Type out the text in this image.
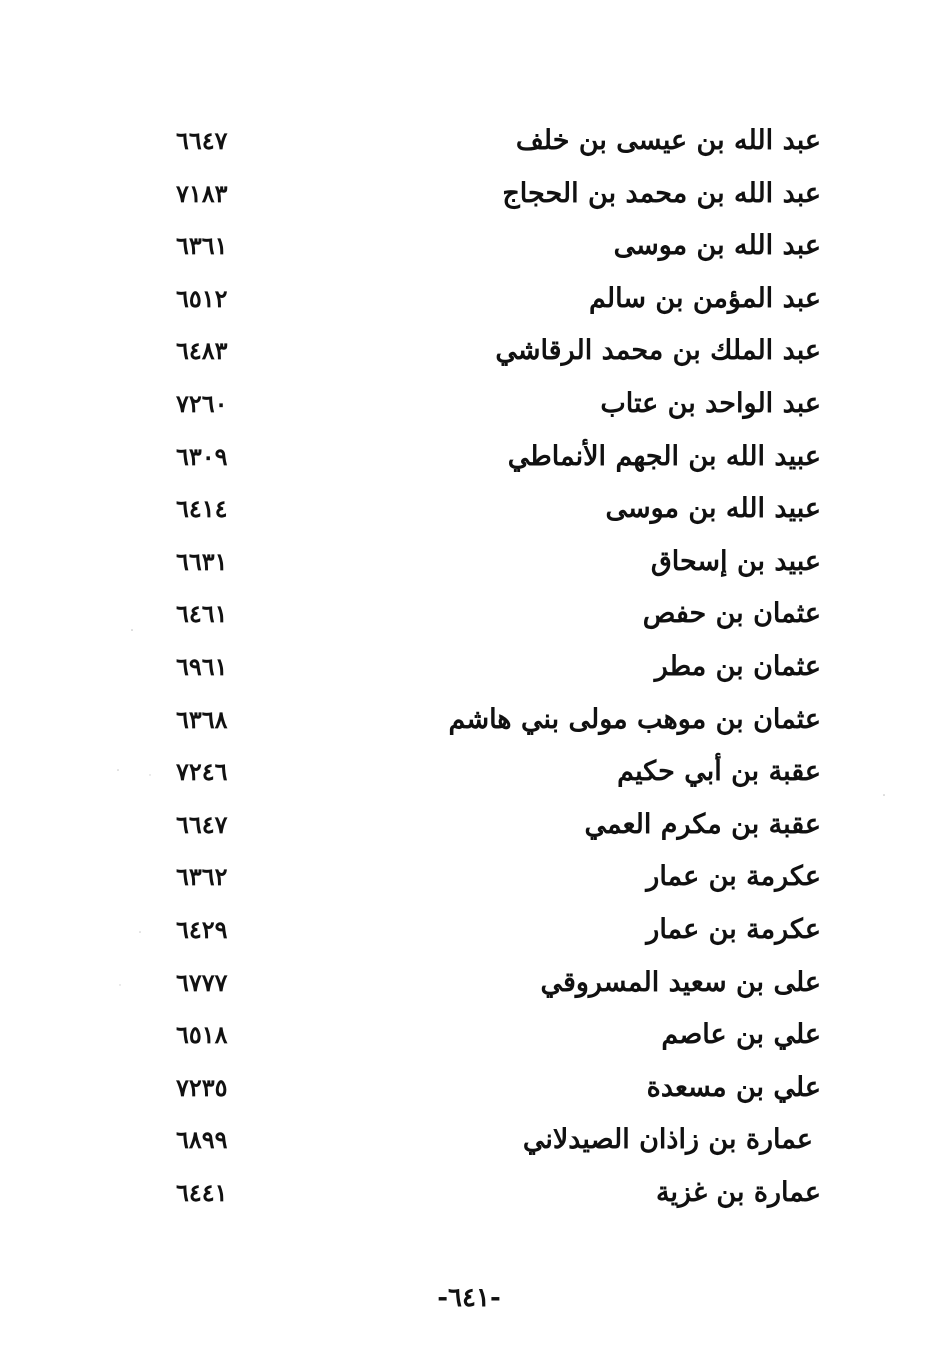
عبد الله بن عيسى بن خلف
٦٦٤٧
عبد الله بن محمد بن الحجاج
٧١٨٣
عبد الله بن موسى
٦٣٦١
عبد المؤمن بن سالم
٦٥١٢
عبد الملك بن محمد الرقاشي
٦٤٨٣
عبد الواحد بن عتاب
٧٢٦٠
عبيد الله بن الجهم الأنماطي
٦٣٠٩
عبيد الله بن موسى
٦٤١٤
عبيد بن إسحاق
٦٦٣١
عثمان بن حفص
٦٤٦١
عثمان بن مطر
٦٩٦١
عثمان بن موهب مولى بني هاشم
٦٣٦٨
عقبة بن أبي حكيم
٧٢٤٦
عقبة بن مكرم العمي
٦٦٤٧
عكرمة بن عمار
٦٣٦٢
عكرمة بن عمار
٦٤٢٩
على بن سعيد المسروقي
٦٧٧٧
علي بن عاصم
٦٥١٨
علي بن مسعدة
٧٢٣٥
عمارة بن زاذان الصيدلاني
٦٨٩٩
عمارة بن غزية
٦٤٤١
-٦٤١-
